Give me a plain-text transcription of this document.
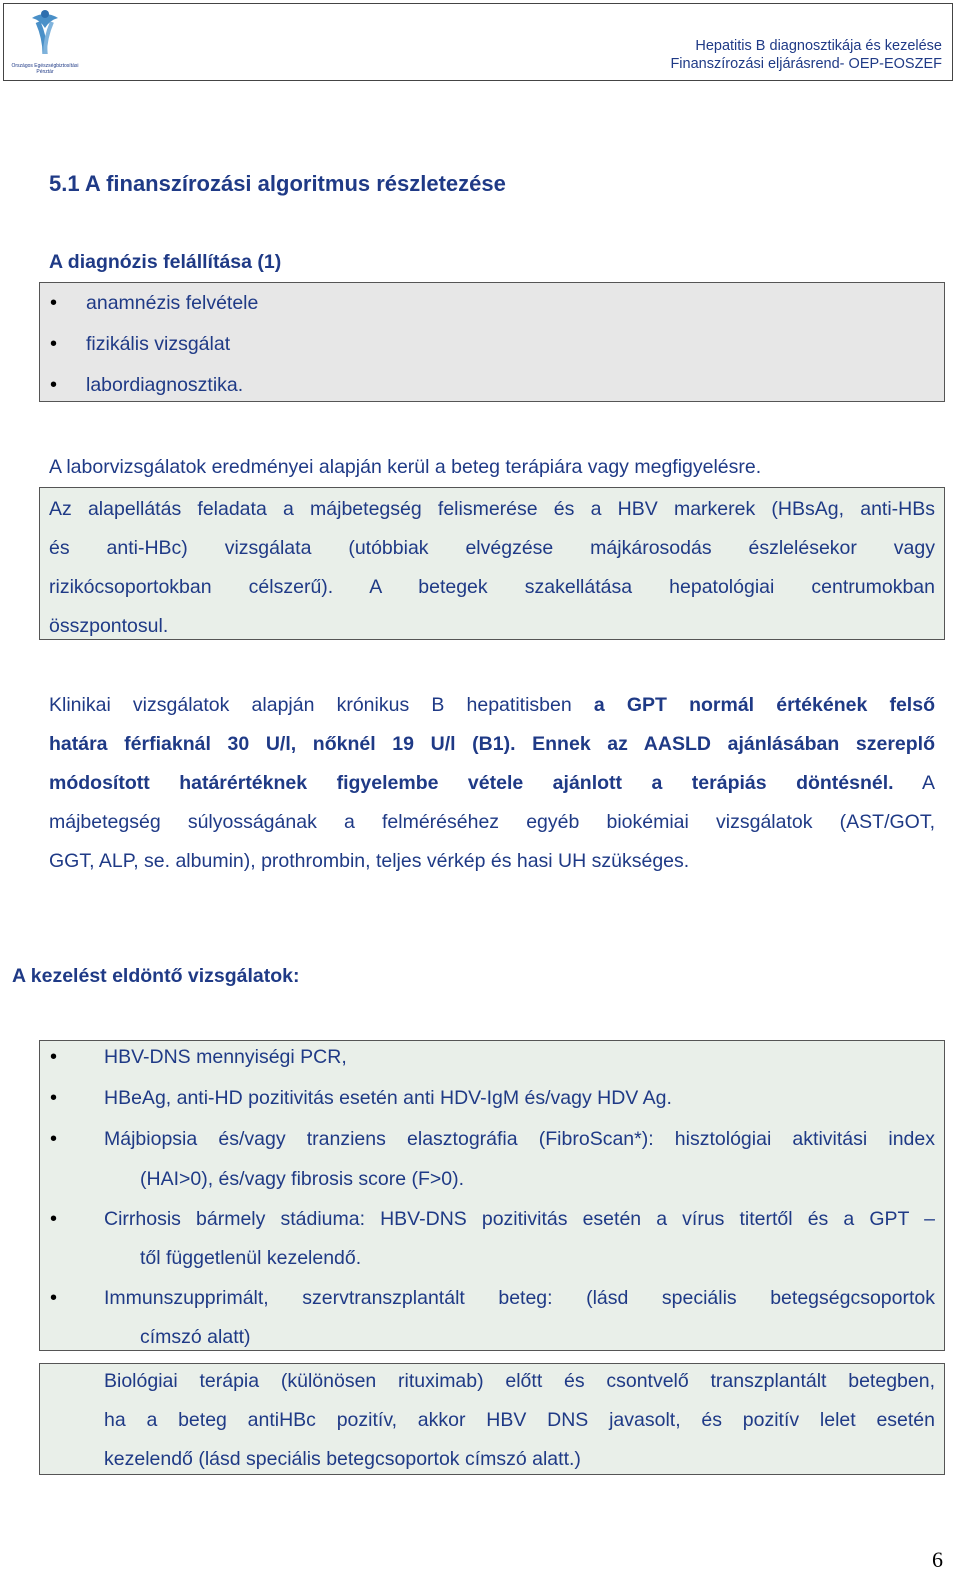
Országos Egészségbiztosítási
Pénztár
Hepatitis B diagnosztikája és kezelése
Finanszírozási eljárásrend- OEP-EOSZEF
5.1 A finanszírozási algoritmus részletezése
A diagnózis felállítása (1)
• anamnézis felvétele
• fizikális vizsgálat
• labordiagnosztika.
A laborvizsgálatok eredményei alapján kerül a beteg terápiára vagy megfigyelésre.
Az alapellátás feladata a májbetegség felismerése és a HBV markerek (HBsAg, anti-HBs
és anti-HBc) vizsgálata (utóbbiak elvégzése májkárosodás észlelésekor vagy
rizikócsoportokban célszerű). A betegek szakellátása hepatológiai centrumokban
összpontosul.
Klinikai vizsgálatok alapján krónikus B hepatitisben a GPT normál értékének felső
határa férfiaknál 30 U/l, nőknél 19 U/l (B1). Ennek az AASLD ajánlásában szereplő
módosított határértéknek figyelembe vétele ajánlott a terápiás döntésnél. A
májbetegség súlyosságának a felméréséhez egyéb biokémiai vizsgálatok (AST/GOT,
GGT, ALP, se. albumin), prothrombin, teljes vérkép és hasi UH szükséges.
A kezelést eldöntő vizsgálatok:
• HBV-DNS mennyiségi PCR,
• HBeAg, anti-HD pozitivitás esetén anti HDV-IgM és/vagy HDV Ag.
• Májbiopsia és/vagy tranziens elasztográfia (FibroScan*): hisztológiai aktivitási index
(HAI>0), és/vagy fibrosis score (F>0).
• Cirrhosis bármely stádiuma: HBV-DNS pozitivitás esetén a vírus titertől és a GPT –
től függetlenül kezelendő.
• Immunszupprimált, szervtranszplantált beteg: (lásd speciális betegségcsoportok
címszó alatt)
Biológiai terápia (különösen rituximab) előtt és csontvelő transzplantált betegben,
ha a beteg antiHBc pozitív, akkor HBV DNS javasolt, és pozitív lelet esetén
kezelendő (lásd speciális betegcsoportok címszó alatt.)
6
